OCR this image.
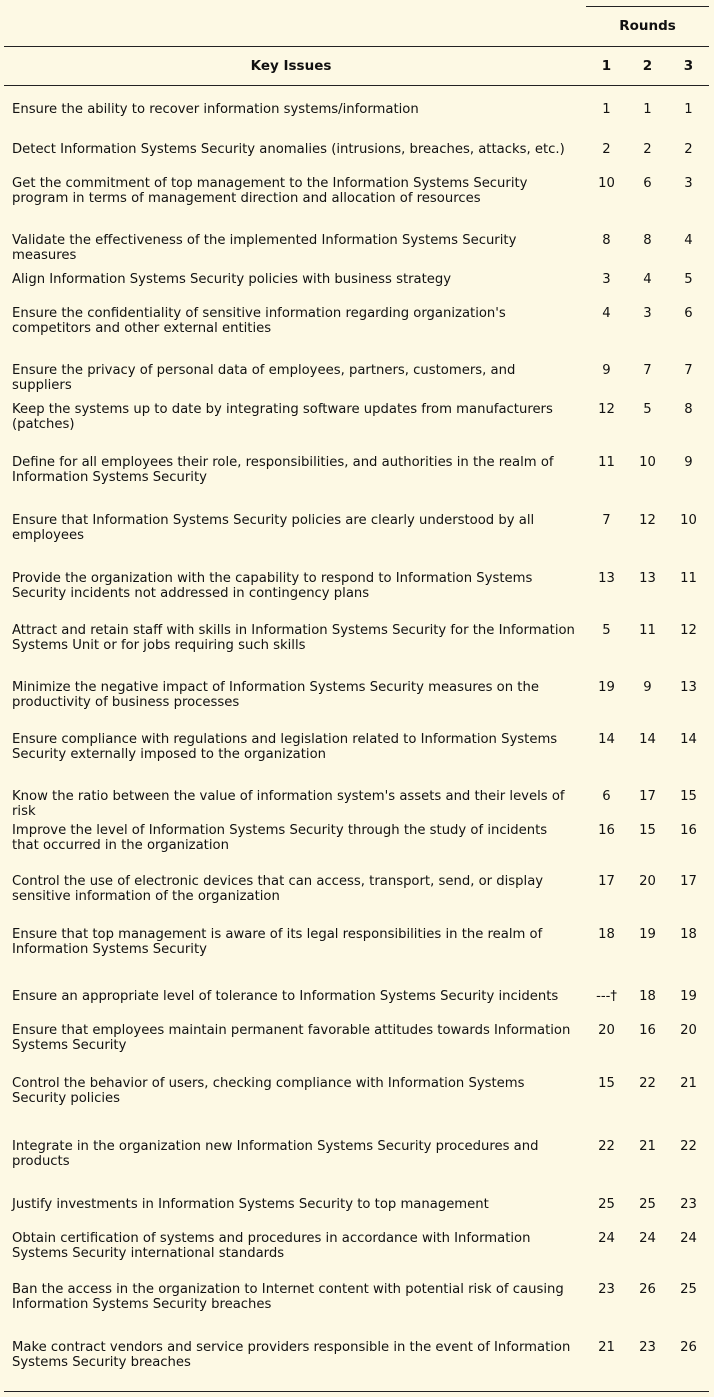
Rounds
Key Issues	1	2	3
Ensure the ability to recover information systems/information	1	1	1
Detect Information Systems Security anomalies (intrusions, breaches, attacks, etc.)	2	2	2
Get the commitment of top management to the Information Systems Security program in terms of management direction and allocation of resources
10	6	3
Validate the effectiveness of the implemented Information Systems Security measures
8	8	4
Align Information Systems Security policies with business strategy	3	4	5
Ensure the confidentiality of sensitive information regarding organization's competitors and other external entities
4	3	6
Ensure the privacy of personal data of employees, partners, customers, and suppliers
9	7	7
Keep the systems up to date by integrating software updates from manufacturers (patches)
12	5	8
Define for all employees their role, responsibilities, and authorities in the realm of Information Systems Security
11	10	9
Ensure that Information Systems Security policies are clearly understood by all employees
7	12	10
Provide the organization with the capability to respond to Information Systems Security incidents not addressed in contingency plans
13	13	11
Attract and retain staff with skills in Information Systems Security for the Information Systems Unit or for jobs requiring such skills
5	11	12
Minimize the negative impact of Information Systems Security measures on the productivity of business processes
19	9	13
Ensure compliance with regulations and legislation related to Information Systems Security externally imposed to the organization
14	14	14
Know the ratio between the value of information system's assets and their levels of risk
6	17	15
Improve the level of Information Systems Security through the study of incidents that occurred in the organization
16	15	16
Control the use of electronic devices that can access, transport, send, or display sensitive information of the organization
17	20	17
Ensure that top management is aware of its legal responsibilities in the realm of Information Systems Security
18	19	18
Ensure an appropriate level of tolerance to Information Systems Security incidents	---†	18	19
Ensure that employees maintain permanent favorable attitudes towards Information Systems Security
20	16	20
Control the behavior of users, checking compliance with Information Systems Security policies
15	22	21
Integrate in the organization new Information Systems Security procedures and products
22	21	22
Justify investments in Information Systems Security to top management	25	25	23
Obtain certification of systems and procedures in accordance with Information Systems Security international standards
24	24	24
Ban the access in the organization to Internet content with potential risk of causing Information Systems Security breaches
23	26	25
Make contract vendors and service providers responsible in the event of Information Systems Security breaches
21	23	26
